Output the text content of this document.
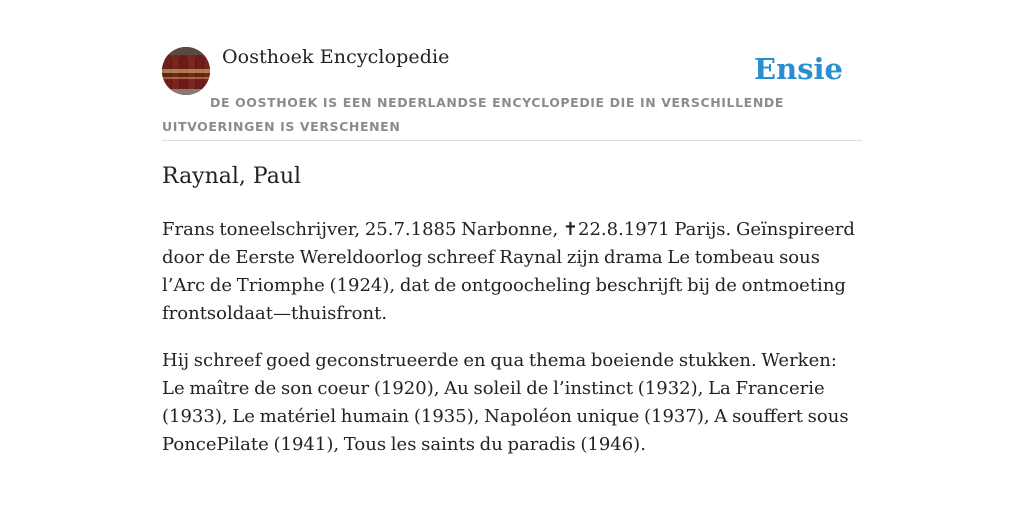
Oosthoek Encyclopedie	Ensie
DE OOSTHOEK IS EEN NEDERLANDSE ENCYCLOPEDIE DIE IN VERSCHILLENDE UITVOERINGEN IS VERSCHENEN
Raynal, Paul

Frans toneelschrijver, 25.7.1885 Narbonne, ✝22.8.1971 Parijs. Geïnspireerd door de Eerste Wereldoorlog schreef Raynal zijn drama Le tombeau sous l’Arc de Triomphe (1924), dat de ontgoocheling beschrijft bij de ontmoeting frontsoldaat—thuisfront.

Hij schreef goed geconstrueerde en qua thema boeiende stukken. Werken: Le maître de son coeur (1920), Au soleil de l’instinct (1932), La Francerie (1933), Le matériel humain (1935), Napoléon unique (1937), A souffert sous PoncePilate (1941), Tous les saints du paradis (1946).
